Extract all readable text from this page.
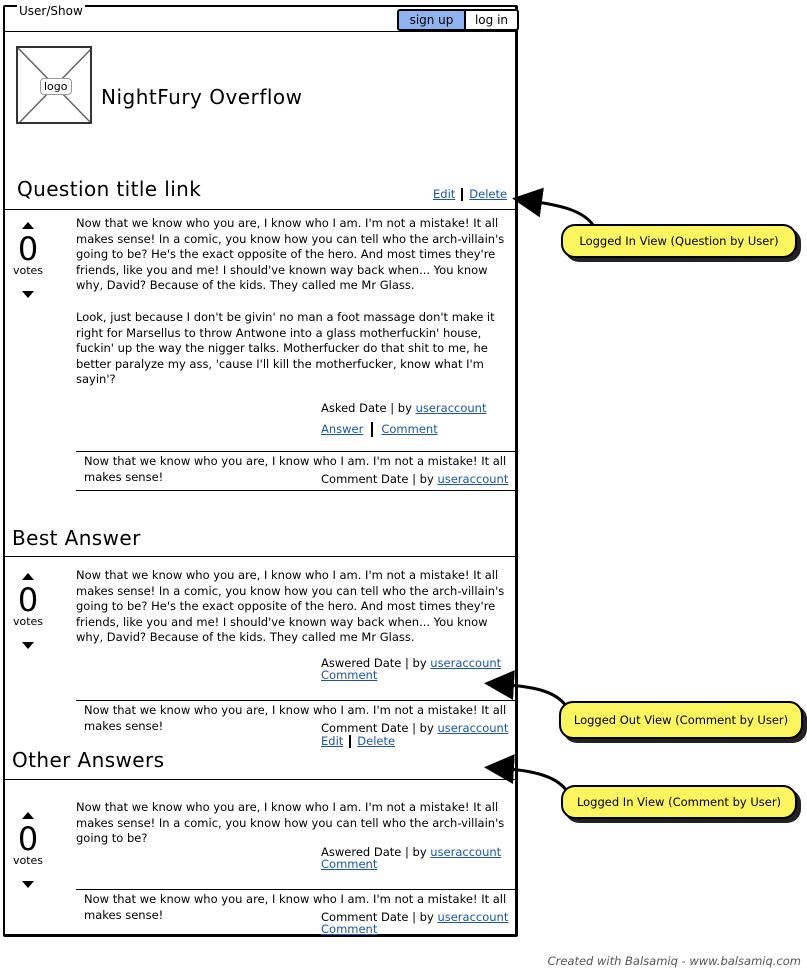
User/Show
sign up	log in
logo NightFury Overflow
Question title link	Edit Delete
0
votes
Now that we know who you are, I know who I am. I'm not a mistake! It all makes sense! In a comic, you know how you can tell who the arch-villain's going to be? He's the exact opposite of the hero. And most times they're friends, like you and me! I should've known way back when... You know why, David? Because of the kids. They called me Mr Glass.
Look, just because I don't be givin' no man a foot massage don't make it right for Marsellus to throw Antwone into a glass motherfuckin' house, fuckin' up the way the nigger talks. Motherfucker do that shit to me, he better paralyze my ass, 'cause I'll kill the motherfucker, know what I'm sayin'?
Asked Date | by useraccount
Answer Comment
Now that we know who you are, I know who I am. I'm not a mistake! It all makes sense!	Comment Date | by useraccount
Best Answer
0
votes
Now that we know who you are, I know who I am. I'm not a mistake! It all makes sense! In a comic, you know how you can tell who the arch-villain's going to be? He's the exact opposite of the hero. And most times they're friends, like you and me! I should've known way back when... You know why, David? Because of the kids. They called me Mr Glass.
Aswered Date | by useraccount
Comment
Now that we know who you are, I know who I am. I'm not a mistake! It all makes sense!	Comment Date | by useraccount
Edit Delete
Other Answers
0
votes
Now that we know who you are, I know who I am. I'm not a mistake! It all makes sense! In a comic, you know how you can tell who the arch-villain's going to be?
Aswered Date | by useraccount
Comment
Now that we know who you are, I know who I am. I'm not a mistake! It all makes sense!	Comment Date | by useraccount
Comment
Logged In View (Question by User)
Logged Out View (Comment by User)
Logged In View (Comment by User)
Created with Balsamiq - www.balsamiq.com
